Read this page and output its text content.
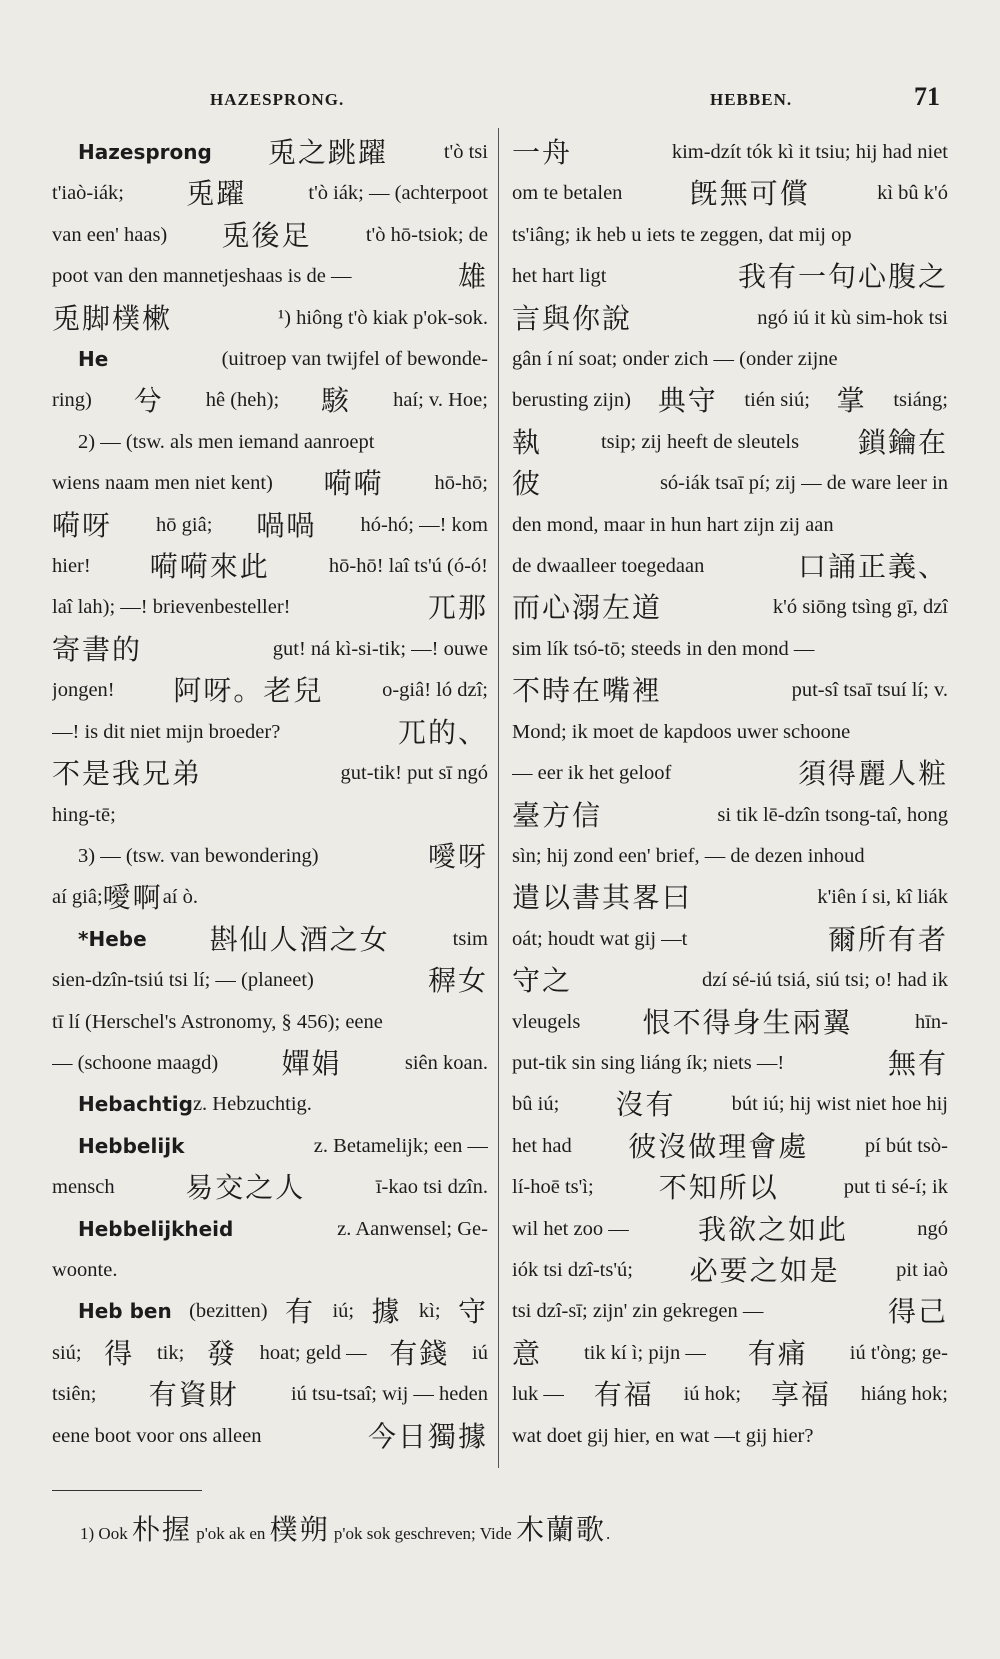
HAZESPRONG.	HEBBEN.	71
Hazesprong 兎之跳躍	t'ò tsi
t'iaò-iák; 兎躍	t'ò iák; — (achterpoot
van een' haas) 兎後足	t'ò hō-tsiok; de
poot van den mannetjeshaas is de —	雄
兎脚樸樕	¹) hiông t'ò kiak p'ok-sok.
He	(uitroep van twijfel of bewonde-
ring) 兮 hê (heh); 駭 haí; v. Hoe;
2) — (tsw. als men iemand aanroept
wiens naam men niet kent) 嗬嗬 hō-hō;
嗬呀 hō giâ; 喎喎 hó-hó; —! kom
hier! 嗬嗬來此	hō-hō! laî ts'ú (ó-ó!
laî lah); —! brievenbesteller!	兀那
寄書的	gut! ná kì-si-tik; —! ouwe
jongen! 阿呀。老兒	o-giâ! ló dzî;
—! is dit niet mijn broeder?	兀的、
不是我兄弟	gut-tik! put sī ngó
hing-tē;
3) — (tsw. van bewondering)	噯呀
aí giâ; 噯啊 aí ò.
*Hebe 斟仙人酒之女	tsim
sien-dzîn-tsiú tsi lí; — (planeet)	稺女
tī lí (Herschel's Astronomy, § 456); eene
— (schoone maagd) 嬋娟	siên koan.
Hebachtig z. Hebzuchtig.
Hebbelijk	z. Betamelijk; een —
mensch	易交之人	ī-kao tsi dzîn.
Hebbelijkheid	z. Aanwensel; Ge-
woonte.
Heb ben (bezitten) 有 iú; 據 kì; 守
siú; 得 tik; 發 hoat; geld — 有錢 iú
tsiên; 有資財	iú tsu-tsaî; wij — heden
eene boot voor ons alleen	今日獨據
一舟	kim-dzít tók kì it tsiu; hij had niet
om te betalen 旣無可償	kì bû k'ó
ts'iâng; ik heb u iets te zeggen, dat mij op
het hart ligt	我有一句心腹之
言與你說	ngó iú it kù sim-hok tsi
gân í ní soat; onder zich — (onder zijne
berusting zijn) 典守 tién siú; 掌 tsiáng;
執	tsip; zij heeft de sleutels 鎖鑰在
彼	só-iák tsaī pí; zij — de ware leer in
den mond, maar in hun hart zijn zij aan
de dwaalleer toegedaan	口誦正義、
而心溺左道	k'ó siōng tsìng gī, dzî
sim lík tsó-tō; steeds in den mond —
不時在嘴裡	put-sî tsaī tsuí lí; v.
Mond; ik moet de kapdoos uwer schoone
— eer ik het geloof	須得麗人粧
臺方信	si tik lē-dzîn tsong-taî, hong
sìn; hij zond een' brief, — de dezen inhoud
遣以書其畧曰	k'iên í si, kî liák
oát; houdt wat gij —t	爾所有者
守之	dzí sé-iú tsiá, siú tsi; o! had ik
vleugels 恨不得身生兩翼	hīn-
put-tik sin sing liáng ík; niets —!	無有
bû iú; 沒有	bút iú; hij wist niet hoe hij
het had 彼沒做理會處	pí bút tsò-
lí-hoē ts'ì; 不知所以	put ti sé-í; ik
wil het zoo — 我欲之如此	ngó
iók tsi dzî-ts'ú; 必要之如是	pit iaò
tsi dzî-sī; zijn' zin gekregen —	得己
意 tik kí ì; pijn — 有痛 iú t'òng; ge-
luk — 有福 iú hok; 享福 hiáng hok;
wat doet gij hier, en wat —t gij hier?
1) Ook 朴握 p'ok ak en 樸朔 p'ok sok geschreven; Vide 木蘭歌.
